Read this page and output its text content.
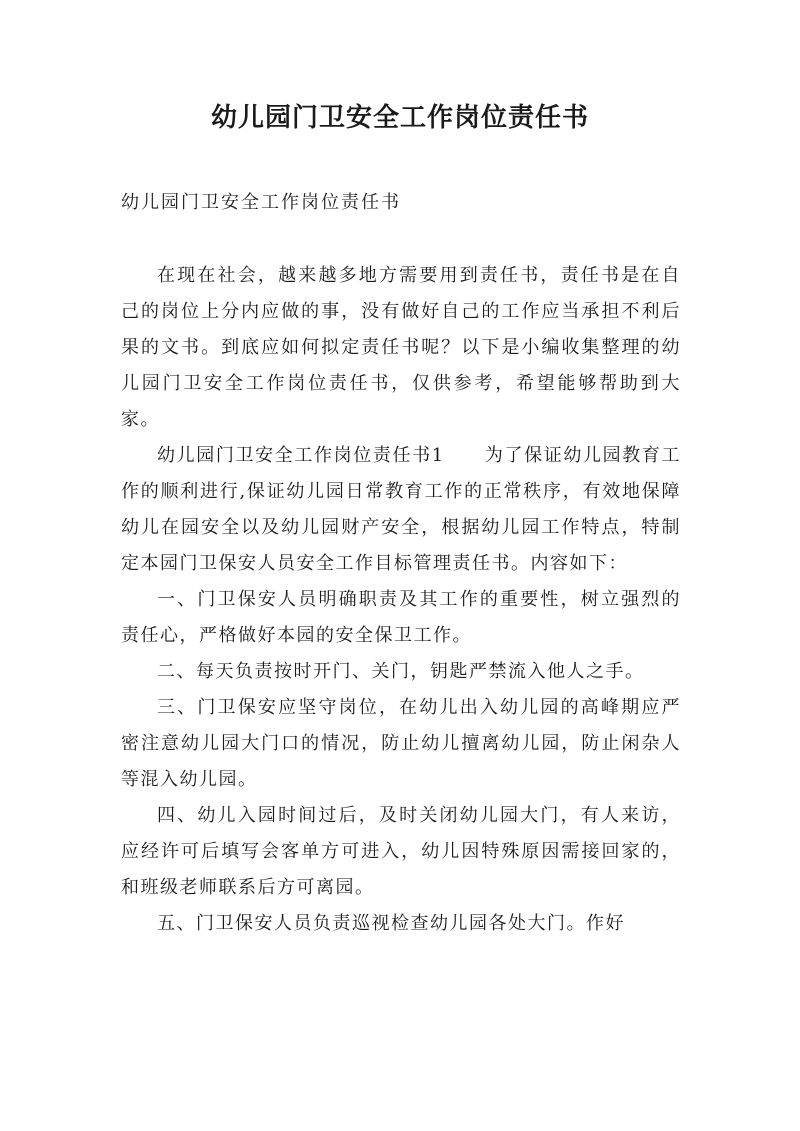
幼儿园门卫安全工作岗位责任书

幼儿园门卫安全工作岗位责任书

在现在社会，越来越多地方需要用到责任书，责任书是在自己的岗位上分内应做的事，没有做好自己的工作应当承担不利后果的文书。到底应如何拟定责任书呢？以下是小编收集整理的幼儿园门卫安全工作岗位责任书，仅供参考，希望能够帮助到大家。

幼儿园门卫安全工作岗位责任书1 为了保证幼儿园教育工作的顺利进行,保证幼儿园日常教育工作的正常秩序，有效地保障幼儿在园安全以及幼儿园财产安全，根据幼儿园工作特点，特制定本园门卫保安人员安全工作目标管理责任书。内容如下：

一、门卫保安人员明确职责及其工作的重要性，树立强烈的责任心，严格做好本园的安全保卫工作。

二、每天负责按时开门、关门，钥匙严禁流入他人之手。

三、门卫保安应坚守岗位，在幼儿出入幼儿园的高峰期应严密注意幼儿园大门口的情况，防止幼儿擅离幼儿园，防止闲杂人等混入幼儿园。

四、幼儿入园时间过后，及时关闭幼儿园大门，有人来访，应经许可后填写会客单方可进入，幼儿因特殊原因需接回家的，和班级老师联系后方可离园。

五、门卫保安人员负责巡视检查幼儿园各处大门。作好
